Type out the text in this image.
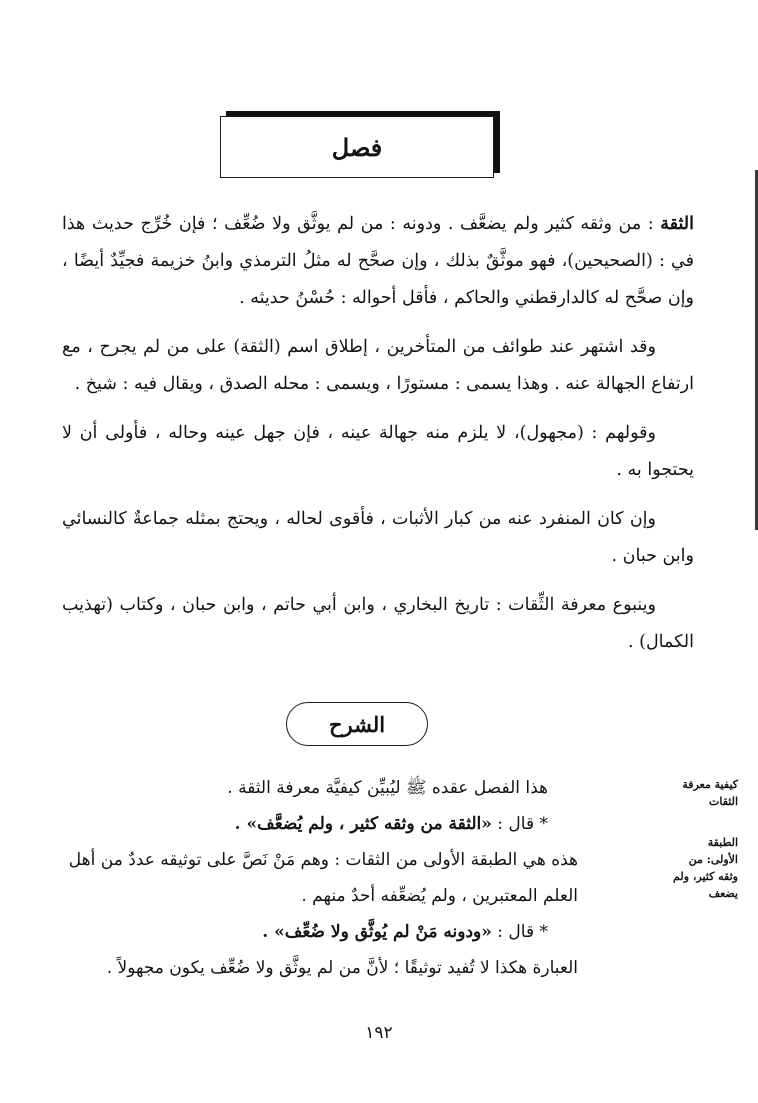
فصل

الثقة : من وثقه كثير ولم يضعَّف . ودونه : من لم يوثَّق ولا ضُعِّف ؛ فإن خُرِّج حديث هذا في : (الصحيحين)، فهو موثَّقٌ بذلك ، وإن صحَّح له مثلُ الترمذي وابنُ خزيمة فجيِّدٌ أيضًا ، وإن صحَّح له كالدارقطني والحاكم ، فأقل أحواله : حُسْنُ حديثه .

وقد اشتهر عند طوائف من المتأخرين ، إطلاق اسم (الثقة) على من لم يجرح ، مع ارتفاع الجهالة عنه . وهذا يسمى : مستورًا ، ويسمى : محله الصدق ، ويقال فيه : شيخ .

وقولهم : (مجهول)، لا يلزم منه جهالة عينه ، فإن جهل عينه وحاله ، فأولى أن لا يحتجوا به .

وإن كان المنفرد عنه من كبار الأثبات ، فأقوى لحاله ، ويحتج بمثله جماعةٌ كالنسائي وابن حبان .

وينبوع معرفة الثِّقات : تاريخ البخاري ، وابن أبي حاتم ، وابن حبان ، وكتاب (تهذيب الكمال) .

الشرح

هذا الفصل عقده ﷺ ليُبيِّن كيفيَّة معرفة الثقة .

* قال : «الثقة من وثقه كثير ، ولم يُضعَّف» .

هذه هي الطبقة الأولى من الثقات : وهم مَنْ نَصَّ على توثيقه عددٌ من أهل العلم المعتبرين ، ولم يُضعِّفه أحدٌ منهم .

* قال : «ودونه مَنْ لم يُوثَّق ولا ضُعِّف» .

العبارة هكذا لا تُفيد توثيقًا ؛ لأنَّ من لم يوثَّق ولا ضُعِّف يكون مجهولاً .

كيفية معرفة
الثقات
الطبقة
الأولى: من
وثقه كثير، ولم
يضعف
١٩٢
